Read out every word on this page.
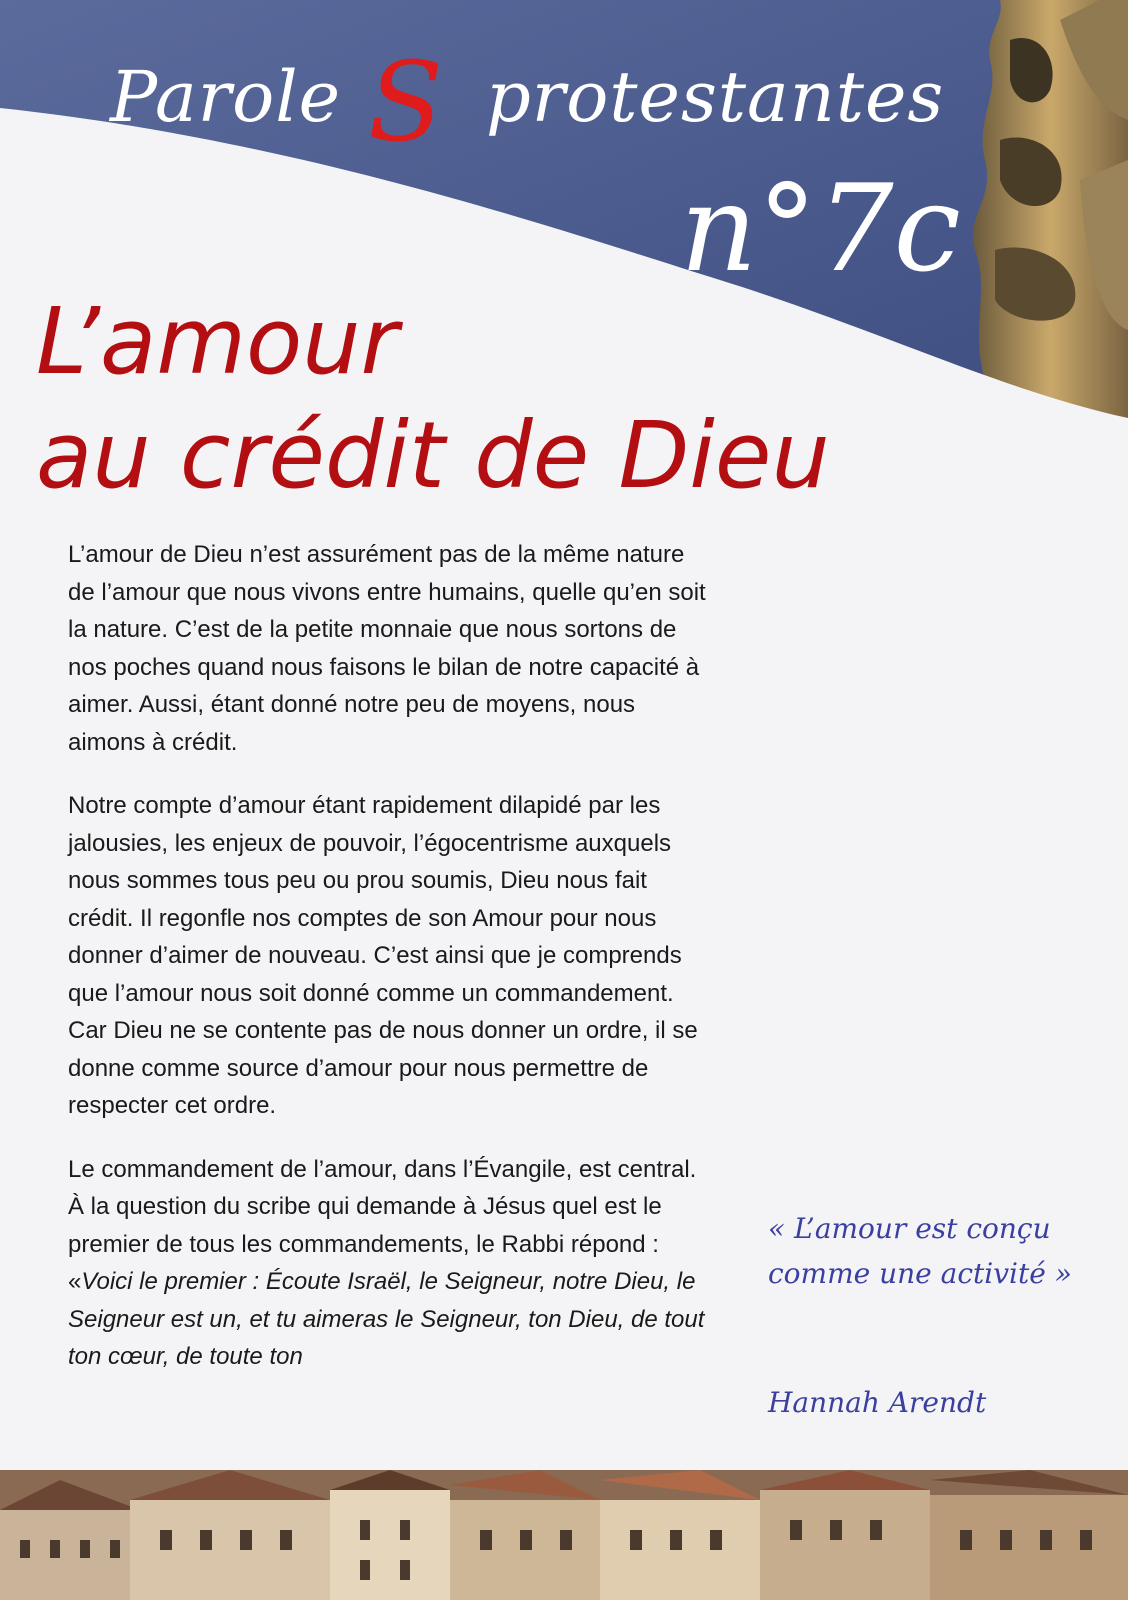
Parole S protestantes
n°7c
L’amour
au crédit de Dieu

L’amour de Dieu n’est assurément pas de la même nature de l’amour que nous vivons entre humains, quelle qu’en soit la nature. C’est de la petite monnaie que nous sortons de nos poches quand nous faisons le bilan de notre capacité à aimer. Aussi, étant donné notre peu de moyens, nous aimons à crédit.

Notre compte d’amour étant rapidement dilapidé par les jalousies, les enjeux de pouvoir, l’égocentrisme auxquels nous sommes tous peu ou prou soumis, Dieu nous fait crédit. Il regonfle nos comptes de son Amour pour nous donner d’aimer de nouveau. C’est ainsi que je comprends que l’amour nous soit donné comme un commandement. Car Dieu ne se contente pas de nous donner un ordre, il se donne comme source d’amour pour nous permettre de respecter cet ordre.

Le commandement de l’amour, dans l’Évangile, est central. À la question du scribe qui demande à Jésus quel est le premier de tous les commandements, le Rabbi répond : «Voici le premier : Écoute Israël, le Seigneur, notre Dieu, le Seigneur est un, et tu aimeras le Seigneur, ton Dieu, de tout ton cœur, de toute ton

« L’amour est conçu comme une activité »
Hannah Arendt
